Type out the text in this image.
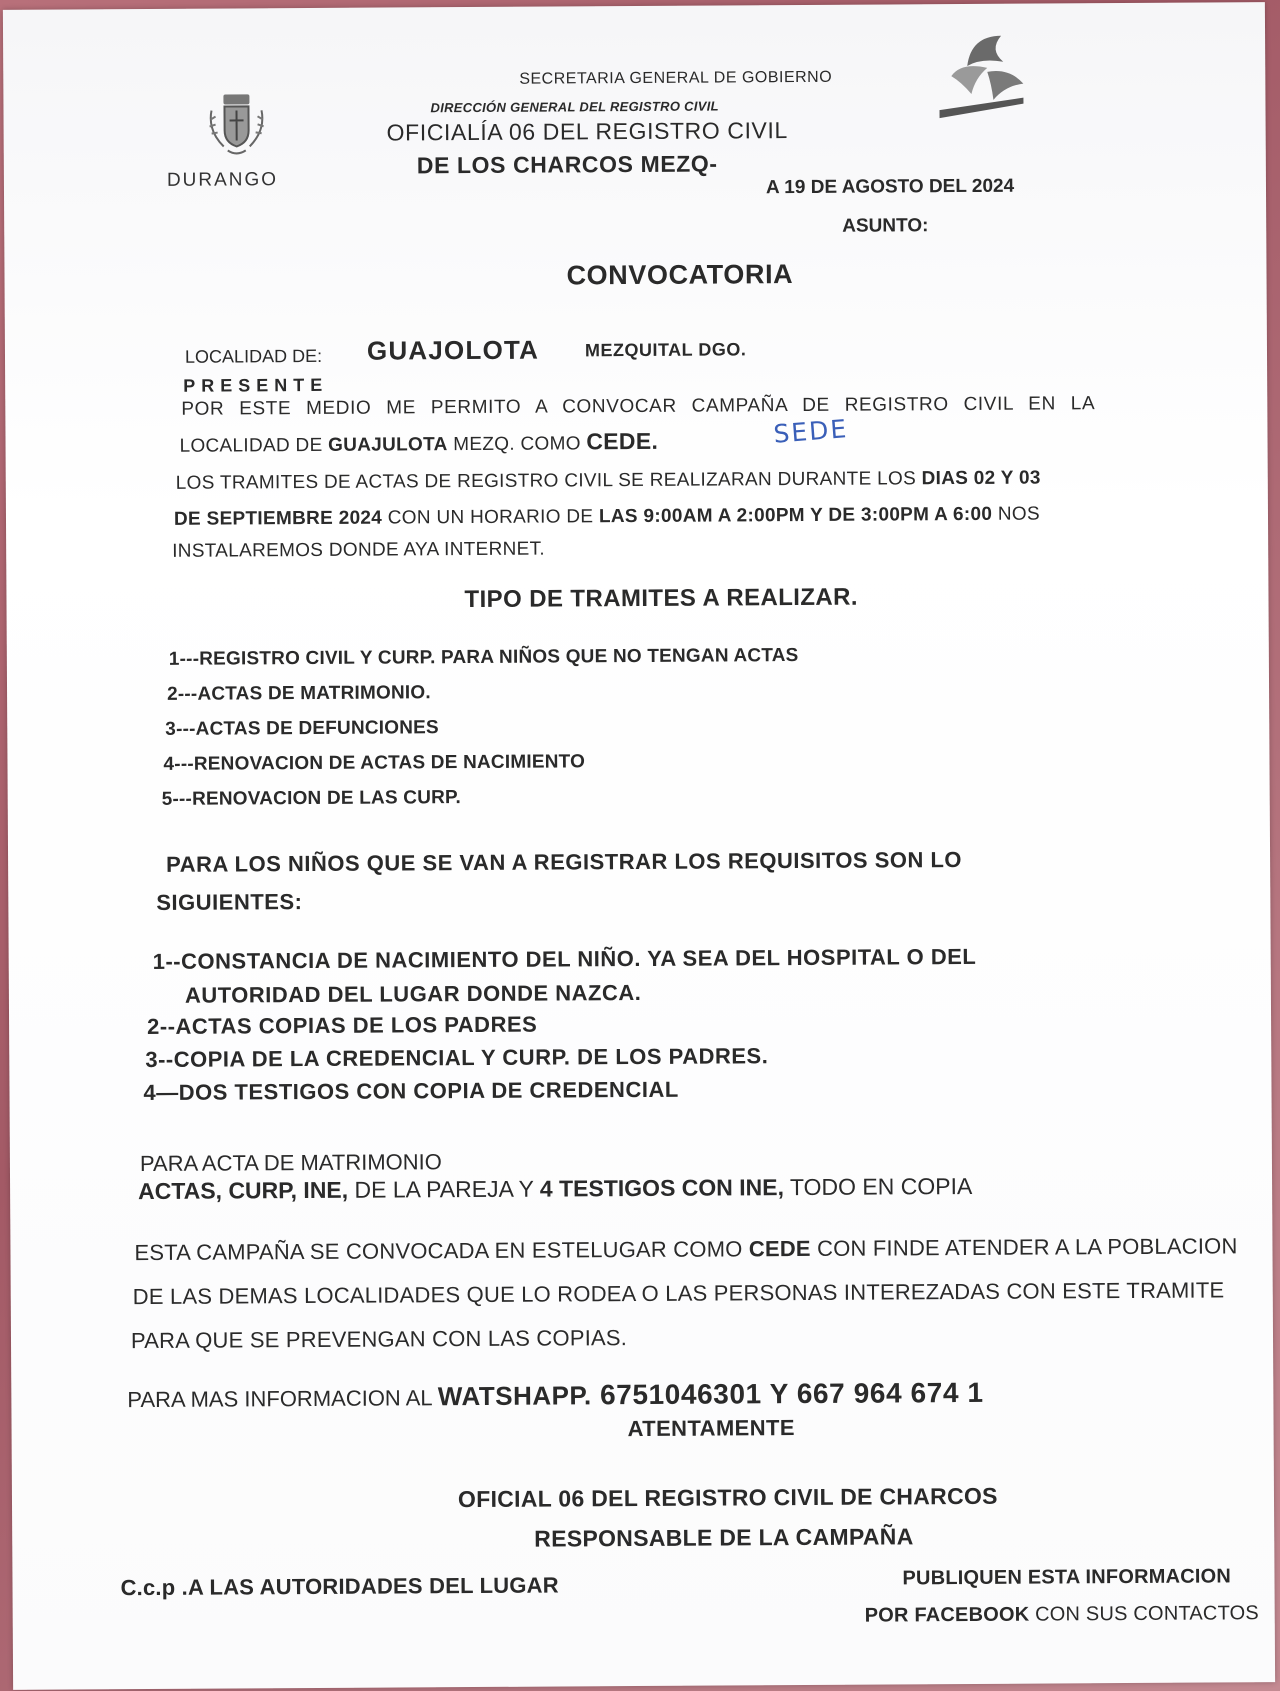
SECRETARIA GENERAL DE GOBIERNO
DIRECCIÓN GENERAL DEL REGISTRO CIVIL
OFICIALÍA 06 DEL REGISTRO CIVIL
DE LOS CHARCOS MEZQ-
DURANGO	A 19 DE AGOSTO DEL 2024
ASUNTO:
CONVOCATORIA
LOCALIDAD DE: GUAJOLOTA	MEZQUITAL DGO.
PRESENTE
POR ESTE MEDIO ME PERMITO A CONVOCAR CAMPAÑA DE REGISTRO CIVIL EN LA
LOCALIDAD DE GUAJULOTA MEZQ. COMO CEDE.	SEDE
LOS TRAMITES DE ACTAS DE REGISTRO CIVIL SE REALIZARAN DURANTE LOS DIAS 02 Y 03
DE SEPTIEMBRE 2024 CON UN HORARIO DE LAS 9:00AM A 2:00PM Y DE 3:00PM A 6:00 NOS
INSTALAREMOS DONDE AYA INTERNET.
TIPO DE TRAMITES A REALIZAR.
1---REGISTRO CIVIL Y CURP. PARA NIÑOS QUE NO TENGAN ACTAS
2---ACTAS DE MATRIMONIO.
3---ACTAS DE DEFUNCIONES
4---RENOVACION DE ACTAS DE NACIMIENTO
5---RENOVACION DE LAS CURP.
PARA LOS NIÑOS QUE SE VAN A REGISTRAR LOS REQUISITOS SON LO
SIGUIENTES:
1--CONSTANCIA DE NACIMIENTO DEL NIÑO. YA SEA DEL HOSPITAL O DEL
AUTORIDAD DEL LUGAR DONDE NAZCA.
2--ACTAS COPIAS DE LOS PADRES
3--COPIA DE LA CREDENCIAL Y CURP. DE LOS PADRES.
4—DOS TESTIGOS CON COPIA DE CREDENCIAL
PARA ACTA DE MATRIMONIO
ACTAS, CURP, INE, DE LA PAREJA Y 4 TESTIGOS CON INE, TODO EN COPIA
ESTA CAMPAÑA SE CONVOCADA EN ESTELUGAR COMO CEDE CON FINDE ATENDER A LA POBLACION
DE LAS DEMAS LOCALIDADES QUE LO RODEA O LAS PERSONAS INTEREZADAS CON ESTE TRAMITE
PARA QUE SE PREVENGAN CON LAS COPIAS.
PARA MAS INFORMACION AL WATSHAPP. 6751046301 Y 667 964 674 1
ATENTAMENTE
OFICIAL 06 DEL REGISTRO CIVIL DE CHARCOS
RESPONSABLE DE LA CAMPAÑA
C.c.p .A LAS AUTORIDADES DEL LUGAR	PUBLIQUEN ESTA INFORMACION
POR FACEBOOK CON SUS CONTACTOS
